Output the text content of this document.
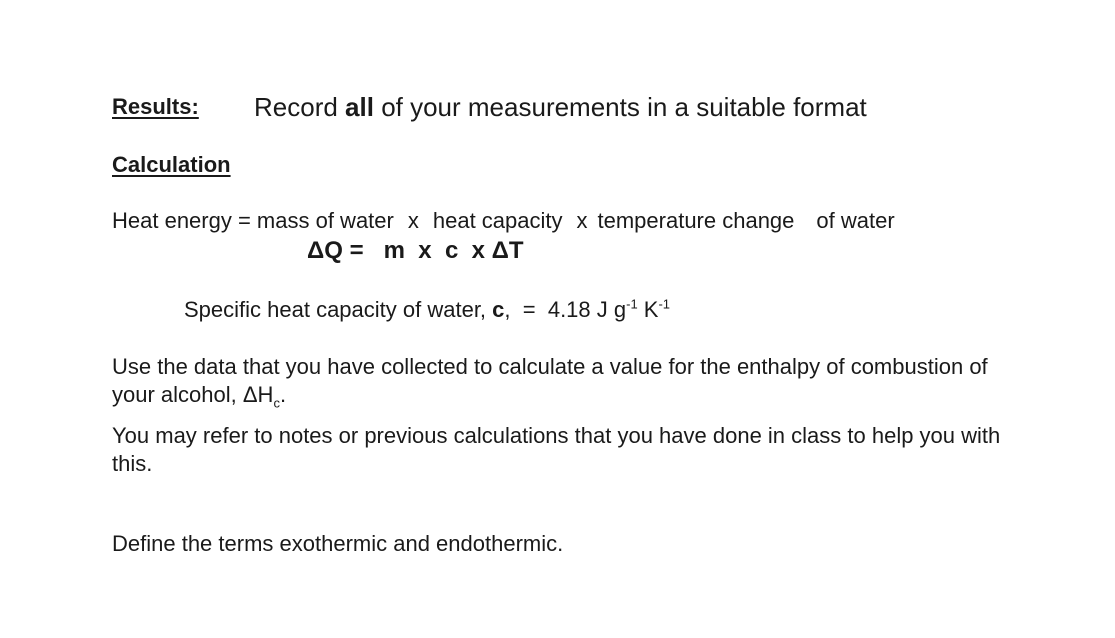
Results: Record all of your measurements in a suitable format
Calculation
Heat energy = mass of water x heat capacity x temperature change of water
ΔQ =   m  x  c  x ΔT
Specific heat capacity of water, c,  =  4.18 J $g^{-1}$ $K^{-1}$
Use the data that you have collected to calculate a value for the enthalpy of combustion of your alcohol, $\Delta H_c$.
You may refer to notes or previous calculations that you have done in class to help you with this.
Define the terms exothermic and endothermic.
